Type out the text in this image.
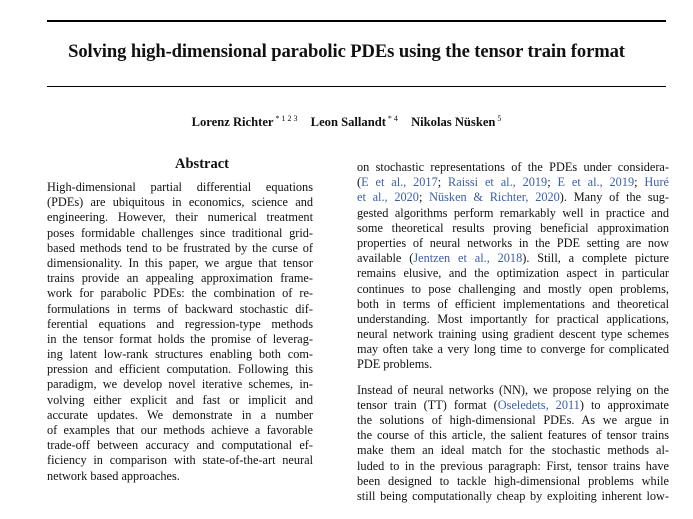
Solving high-dimensional parabolic PDEs using the tensor train format
Lorenz Richter $^{* 1 2 3}$ Leon Sallandt $^{* 4}$ Nikolas Nüsken $^5$
Abstract
High-dimensional partial differential equations
(PDEs) are ubiquitous in economics, science and
engineering. However, their numerical treatment
poses formidable challenges since traditional grid-
based methods tend to be frustrated by the curse of
dimensionality. In this paper, we argue that tensor
trains provide an appealing approximation frame-
work for parabolic PDEs: the combination of re-
formulations in terms of backward stochastic dif-
ferential equations and regression-type methods
in the tensor format holds the promise of leverag-
ing latent low-rank structures enabling both com-
pression and efficient computation. Following this
paradigm, we develop novel iterative schemes, in-
volving either explicit and fast or implicit and
accurate updates. We demonstrate in a number
of examples that our methods achieve a favorable
trade-off between accuracy and computational ef-
ficiency in comparison with state-of-the-art neural
network based approaches.
on stochastic representations of the PDEs under considera-
(E et al., 2017; Raissi et al., 2019; E et al., 2019; Huré
et al., 2020; Nüsken & Richter, 2020). Many of the sug-
gested algorithms perform remarkably well in practice and
some theoretical results proving beneficial approximation
properties of neural networks in the PDE setting are now
available (Jentzen et al., 2018). Still, a complete picture
remains elusive, and the optimization aspect in particular
continues to pose challenging and mostly open problems,
both in terms of efficient implementations and theoretical
understanding. Most importantly for practical applications,
neural network training using gradient descent type schemes
may often take a very long time to converge for complicated
PDE problems.
Instead of neural networks (NN), we propose relying on the
tensor train (TT) format (Oseledets, 2011) to approximate
the solutions of high-dimensional PDEs. As we argue in
the course of this article, the salient features of tensor trains
make them an ideal match for the stochastic methods al-
luded to in the previous paragraph: First, tensor trains have
been designed to tackle high-dimensional problems while
still being computationally cheap by exploiting inherent low-
